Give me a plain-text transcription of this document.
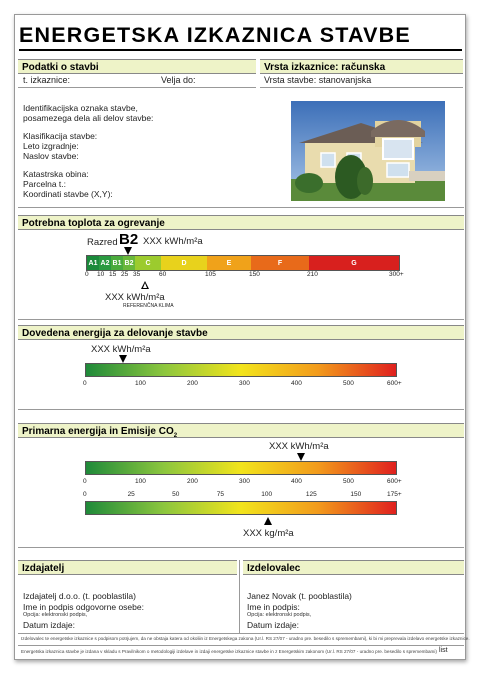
ENERGETSKA IZKAZNICA STAVBE
Podatki o stavbi	Vrsta izkaznice: računska
t. izkaznice:	Velja do:	Vrsta stavbe: stanovanjska
Identifikacijska oznaka stavbe,
posamezega dela ali delov stavbe:
Klasifikacija stavbe:
Leto izgradnje:
Naslov stavbe:
Katastrska obina:
Parcelna t.:
Koordinati stavbe (X,Y):
Potrebna toplota za ogrevanje
Razred B2 XXX kWh/m²a
A1 A2 B1 B2	C	D	E	F	G
0 10 15 25 35	60	105	150	210	300+
XXX kWh/m²a
REFERENČNA KLIMA
Dovedena energija za delovanje stavbe
XXX kWh/m²a
0	100	200	300	400	500	600+
Primarna energija in Emisije $CO_2$
XXX kWh/m²a
0	100	200	300	400	500	600+
0	25	50	75	100	125	150	175+
XXX kg/m²a
Izdajatelj	Izdelovalec
Izdajatelj d.o.o. (t. pooblastila)
Ime in podpis odgovorne osebe:
Opcija: elektronski podpis,
Datum izdaje:
Janez Novak (t. pooblastila)
Ime in podpis:
Opcija: elektronski podpis,
Datum izdaje:
Izdelovalec te energetske izkaznice s podpisom potrjujem, da ne obstaja katera od okoliin iz Energetskega zakona (Ur.l. RS 27/07 - uradno pre. besedilo s spremembami), ki bi mi preprevala izdelavo energetske izkaznice.
Energetska izkaznica stavbe je izdana v skladu s Pravilnikom o metodologiji izdelave in izdaji energetske izkaznice stavbe in z Energetskim zakonom (Ur.l. RS 27/07 - uradno pre. besedilo s spremembami) list
